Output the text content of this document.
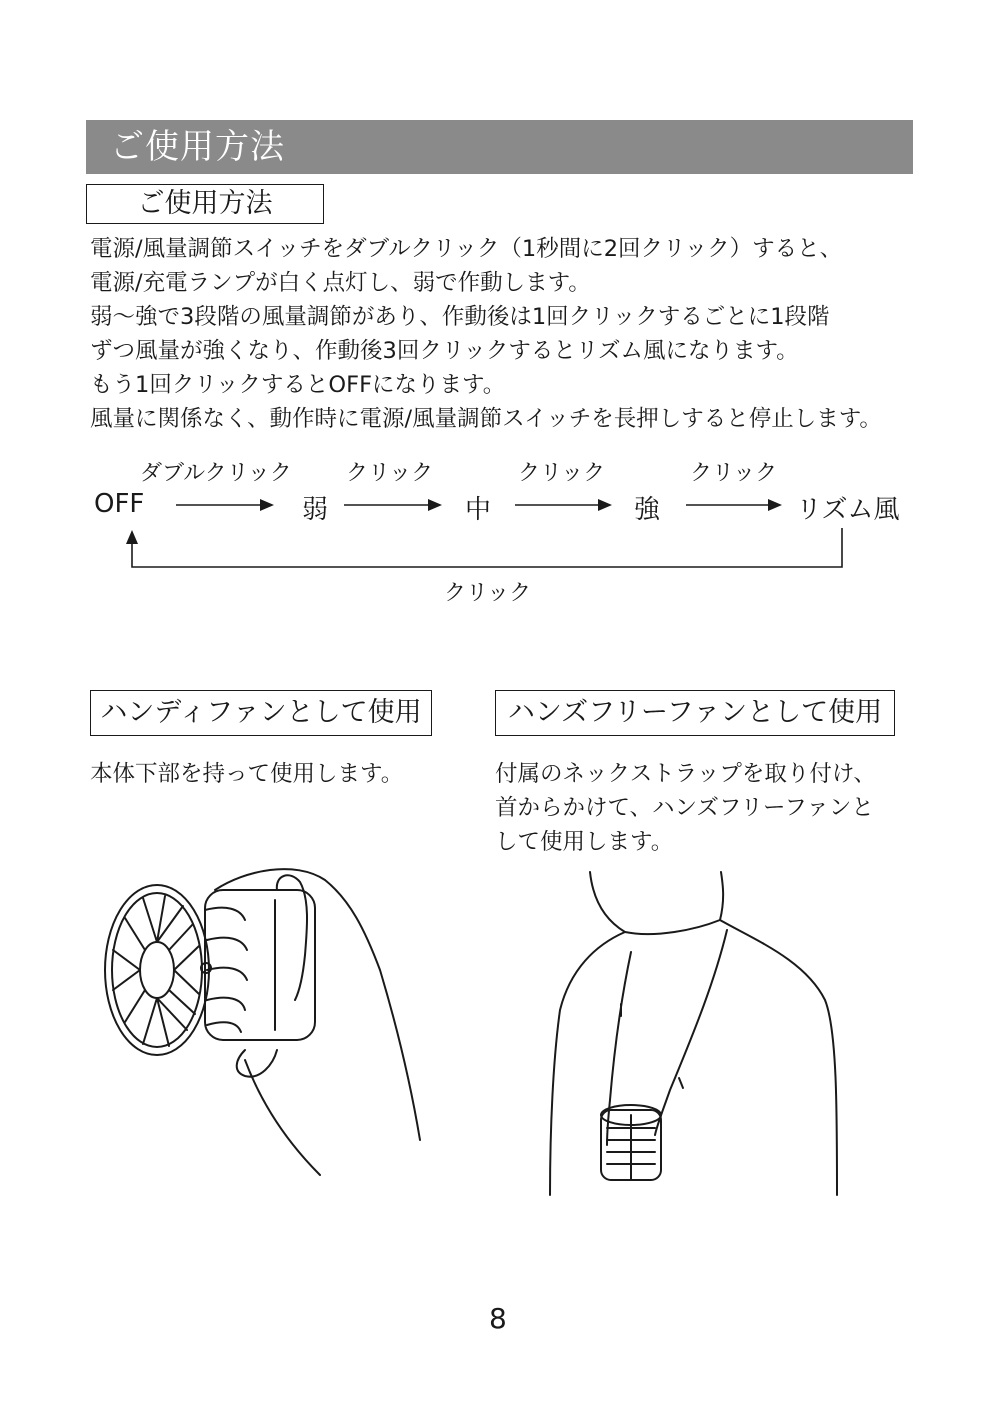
ご使用方法
ご使用方法
電源/風量調節スイッチをダブルクリック（1秒間に2回クリック）すると、
電源/充電ランプが白く点灯し、弱で作動します。
弱～強で3段階の風量調節があり、作動後は1回クリックするごとに1段階
ずつ風量が強くなり、作動後3回クリックするとリズム風になります。
もう1回クリックするとOFFになります。
風量に関係なく、動作時に電源/風量調節スイッチを長押しすると停止します。
ダブルクリック クリック	クリック	クリック
OFF	弱	中	強	リズム風
クリック
ハンディファンとして使用
本体下部を持って使用します。
ハンズフリーファンとして使用
付属のネックストラップを取り付け、
首からかけて、ハンズフリーファンと
して使用します。
8
